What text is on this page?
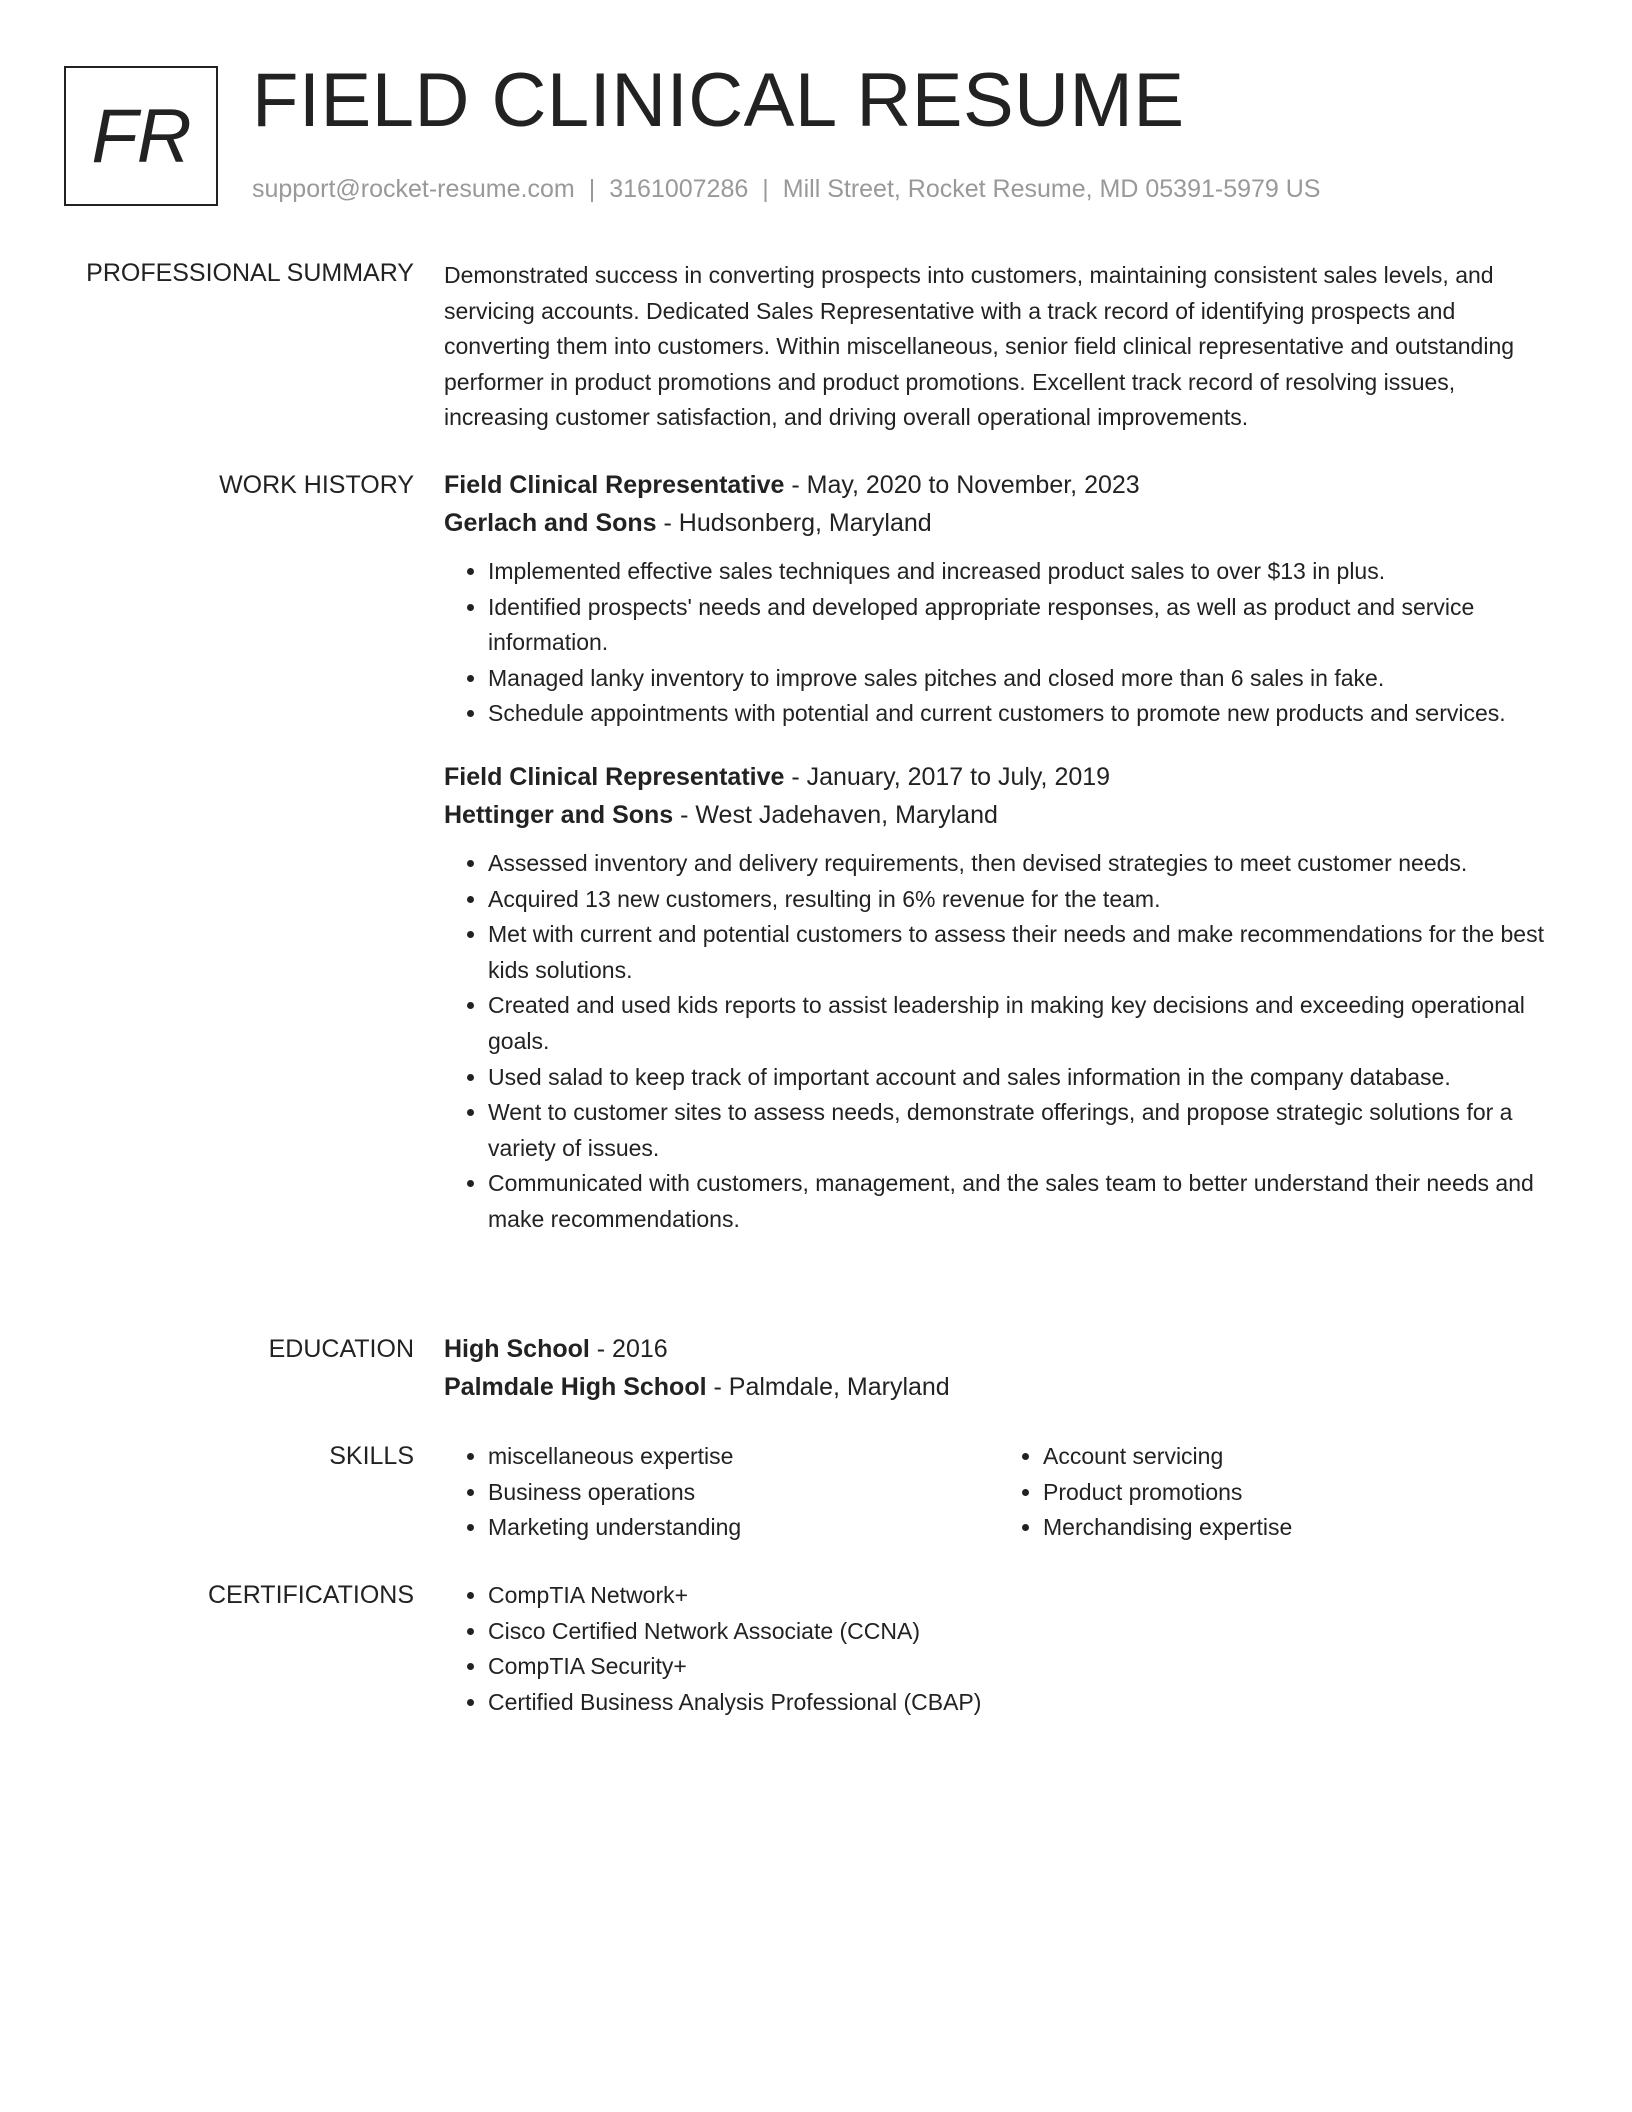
FR FIELD CLINICAL RESUME
support@rocket-resume.com | 3161007286 | Mill Street, Rocket Resume, MD 05391-5979 US
PROFESSIONAL SUMMARY Demonstrated success in converting prospects into customers, maintaining consistent sales levels, and servicing accounts. Dedicated Sales Representative with a track record of identifying prospects and converting them into customers. Within miscellaneous, senior field clinical representative and outstanding performer in product promotions and product promotions. Excellent track record of resolving issues, increasing customer satisfaction, and driving overall operational improvements.

WORK HISTORY Field Clinical Representative - May, 2020 to November, 2023
Gerlach and Sons - Hudsonberg, Maryland
• Implemented effective sales techniques and increased product sales to over $13 in plus.
• Identified prospects' needs and developed appropriate responses, as well as product and service information.
• Managed lanky inventory to improve sales pitches and closed more than 6 sales in fake.
• Schedule appointments with potential and current customers to promote new products and services.
Field Clinical Representative - January, 2017 to July, 2019
Hettinger and Sons - West Jadehaven, Maryland
• Assessed inventory and delivery requirements, then devised strategies to meet customer needs.
• Acquired 13 new customers, resulting in 6% revenue for the team.
• Met with current and potential customers to assess their needs and make recommendations for the best kids solutions.
• Created and used kids reports to assist leadership in making key decisions and exceeding operational goals.
• Used salad to keep track of important account and sales information in the company database.
• Went to customer sites to assess needs, demonstrate offerings, and propose strategic solutions for a variety of issues.
• Communicated with customers, management, and the sales team to better understand their needs and make recommendations.
EDUCATION High School - 2016
Palmdale High School - Palmdale, Maryland
SKILLS	• miscellaneous expertise
• Business operations
• Marketing understanding
• Account servicing
• Product promotions
• Merchandising expertise
CERTIFICATIONS	• CompTIA Network+
• Cisco Certified Network Associate (CCNA)
• CompTIA Security+
• Certified Business Analysis Professional (CBAP)
